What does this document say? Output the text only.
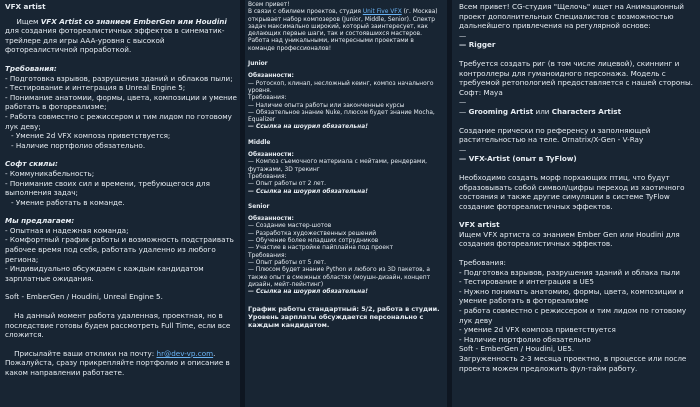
VFX artist

Ищем VFX Artist со знанием EmberGen или Houdini для создания фотореалистичных эффектов в синематик-трейлере для игры AAA-уровня с высокой фотореалистичной проработкой.

Требования:

- Подготовка взрывов, разрушения зданий и облаков пыли;

- Тестирование и интеграция в Unreal Engine 5;

- Понимание анатомии, формы, цвета, композиции и умение работать в фотореализме;

- Работа совместно с режиссером и тим лидом по готовому лук деву;

- Умение 2d VFX композа приветствуется;

- Наличие портфолио обязательно.

Софт скилы:

- Коммуникабельность;

- Понимание своих сил и времени, требующегося для выполнения задач;

- Умение работать в команде.

Мы предлагаем:

- Опытная и надежная команда;

- Комфортный график работы и возможность подстраивать рабочее время под себя, работать удаленно из любого региона;

- Индивидуально обсуждаем с каждым кандидатом зарплатные ожидания.

Soft - EmberGen / Houdini, Unreal Engine 5.

На данный момент работа удаленная, проектная, но в последствие готовы будем рассмотреть Full Time, если все сложится.

Присылайте ваши отклики на почту: hr@dev-vp.com. Пожалуйста, сразу прикрепляйте портфолио и описание в каком направлении работаете.

Всем привет!

В связи с обилием проектов, студия Unit Five VFX (г. Москва) открывает набор композеров (Junior, Middle, Senior). Спектр задач максимально широкий, который заинтересует, как делающих первые шаги, так и состоявшихся мастеров. Работа над уникальными, интересными проектами в команде профессионалов!

Junior

Обязанности:

— Ротоскоп, клинап, несложный кеинг, композ начального уровня.

Требования:

— Наличие опыта работы или законченные курсы

— Обязательное знание Nuke, плюсом будет знание Mocha, Equalizer

— Ссылка на шоурил обязательна!

Middle

Обязанности:

— Композ съемочного материала с мейтами, рендерами, футажами, 3D трекинг

Требования:

— Опыт работы от 2 лет.

— Ссылка на шоурил обязательна!

Senior

Обязанности:

— Создание мастер-шотов

— Разработка художественных решений

— Обучение более младших сотрудников

— Участие в настройке пайплайна под проект

Требования:

— Опыт работы от 5 лет.

— Плюсом будет знание Python и любого из 3D пакетов, а также опыт в смежных областях (моушн-дизайн, концепт дизайн, мейт-пейнтинг)

— Ссылка на шоурил обязательна!

График работы стандартный: 5/2, работа в студии. Уровень зарплаты обсуждается персонально с каждым кандидатом.

Всем привет! CG-студия "Щелочь" ищет на Анимационный проект дополнительных Специалистов с возможностью дальнейшего привлечения на регулярной основе:

—

— Rigger

Требуется создать риг (в том числе лицевой), скиннинг и контроллеры для гуманоидного персонажа. Модель с требуемой ретопологией предоставляется с нашей стороны. Софт: Maya

—

— Grooming Artist или Characters Artist

Создание прически по референсу и заполняющей растительностью на теле. Ornatrix/X-Gen - V-Ray

—

— VFX-Artist (опыт в TyFlow)

Необходимо создать морф порхающих птиц, что будут образовывать собой символ/цифры переход из хаотичного состояния и также другие симуляции в системе TyFlow создание фотореалистичных эффектов.

VFX artist

Ищем VFX артиста со знанием Ember Gen или Houdini для создания фотореалистичных эффектов.

Требования:

- Подготовка взрывов, разрушения зданий и облака пыли

- Тестирование и интеграция в UE5

- Нужно понимать анатомию, формы, цвета, композиции и умение работать в фотореализме

- работа совместно с режиссером и тим лидом по готовому лук деву

- умение 2d VFX композа приветствуется

- Наличие портфолио обязательно

Soft - EmberGen / Houdini, UE5.

Загруженность 2-3 месяца проектно, в процессе или после проекта можем предложить фул-тайм работу.
